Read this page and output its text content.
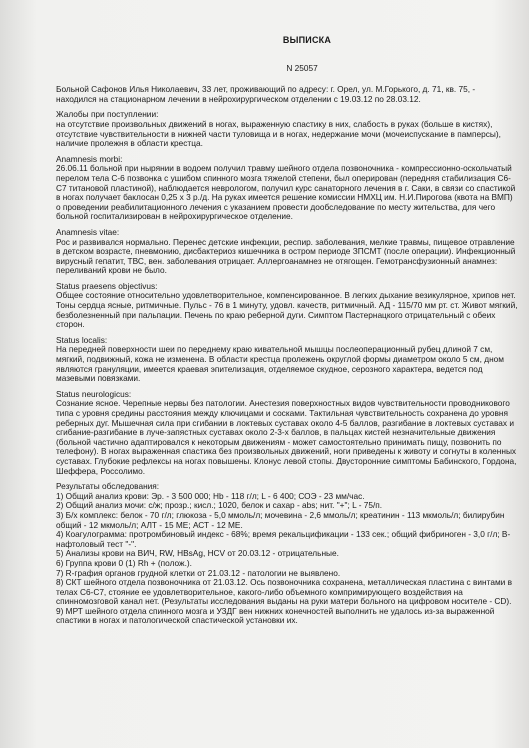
ВЫПИСКА
N 25057

Больной Сафонов Илья Николаевич, 33 лет, проживающий по адресу: г. Орел, ул. М.Горького, д. 71, кв. 75, - находился на стационарном лечении в нейрохирургическом отделении с 19.03.12 по 28.03.12.

Жалобы при поступлении:

на отсутствие произвольных движений в ногах, выраженную спастику в них, слабость в руках (больше в кистях), отсутствие чувствительности в нижней части туловища и в ногах, недержание мочи (мочеиспускание в памперсы), наличие пролежня в области крестца.

Anamnesis morbi:

26.06.11 больной при нырянии в водоем получил травму шейного отдела позвоночника - компрессионно-оскольчатый перелом тела С-6 позвонка с ушибом спинного мозга тяжелой степени, был оперирован (передняя стабилизация С6-С7 титановой пластиной), наблюдается неврологом, получил курс санаторного лечения в г. Саки, в связи со спастикой в ногах получает баклосан 0,25 х 3 р./д. На руках имеется решение комиссии НМХЦ им. Н.И.Пирогова (квота на ВМП) о проведении реабилитационного лечения с указанием провести дообследование по месту жительства, для чего больной госпитализирован в нейрохирургическое отделение.

Anamnesis vitae:

Рос и развивался нормально. Перенес детские инфекции, респир. заболевания, мелкие травмы, пищевое отравление в детском возрасте, пневмонию, дисбактериоз кишечника в остром периоде ЗПСМТ (после операции). Инфекционный вирусный гепатит, ТВС, вен. заболевания отрицает. Аллергоанамнез не отягощен. Гемотрансфузионный анамнез: переливаний крови не было.

Status praesens objectivus:

Общее состояние относительно удовлетворительное, компенсированное. В легких дыхание везикулярное, хрипов нет. Тоны сердца ясные, ритмичные. Пульс - 76 в 1 минуту, удовл. качеств, ритмичный. АД - 115/70 мм рт. ст. Живот мягкий, безболезненный при пальпации. Печень по краю реберной дуги. Симптом Пастернацкого отрицательный с обеих сторон.

Status localis:

На передней поверхности шеи по переднему краю кивательной мышцы послеоперационный рубец длиной 7 см, мягкий, подвижный, кожа не изменена. В области крестца пролежень округлой формы диаметром около 5 см, дном являются грануляции, имеется краевая эпителизация, отделяемое скудное, серозного характера, ведется под мазевыми повязками.

Status neurologicus:

Сознание ясное. Черепные нервы без патологии. Анестезия поверхностных видов чувствительности проводникового типа с уровня средины расстояния между ключицами и сосками. Тактильная чувствительность сохранена до уровня реберных дуг. Мышечная сила при сгибании в локтевых суставах около 4-5 баллов, разгибание в локтевых суставах и сгибание-разгибание в луче-запястных суставах около 2-3-х баллов, в пальцах кистей незначительные движения (больной частично адаптировался к некоторым движениям - может самостоятельно принимать пищу, позвонить по телефону). В ногах выраженная спастика без произвольных движений, ноги приведены к животу и согнуты в коленных суставах. Глубокие рефлексы на ногах повышены. Клонус левой стопы. Двусторонние симптомы Бабинского, Гордона, Шеффера, Россолимо.

Результаты обследования:

1) Общий анализ крови: Эр. - 3 500 000; Hb - 118 г/л; L - 6 400; СОЭ - 23 мм/час.
2) Общий анализ мочи: с/ж; прозр.; кисл.; 1020, белок и сахар - abs; нит. "+"; L - 75/п.
3) Б/х комплекс: белок - 70 г/л; глюкоза - 5,0 ммоль/л; мочевина - 2,6 ммоль/л; креатинин - 113 мкмоль/л; билирубин общий - 12 мкмоль/л; АЛТ - 15 МЕ; АСТ - 12 МЕ.
4) Коагулограмма: протромбиновый индекс - 68%; время рекальцификации - 133 сек.; общий фибриноген - 3,0 г/л; В-нафтоловый тест "-".
5) Анализы крови на ВИЧ, RW, HBsAg, HCV от 20.03.12 - отрицательные.
6) Группа крови 0 (1) Rh + (полож.).
7) R-графия органов грудной клетки от 21.03.12 - патологии не выявлено.
8) СКТ шейного отдела позвоночника от 21.03.12. Ось позвоночника сохранена, металлическая пластина с винтами в телах С6-С7, стояние ее удовлетворительное, какого-либо объемного компримирующего воздействия на спинномозговой канал нет. (Результаты исследования выданы на руки матери больного на цифровом носителе - CD).
9) МРТ шейного отдела спинного мозга и УЗДГ вен нижних конечностей выполнить не удалось из-за выраженной спастики в ногах и патологической спастической установки их.
